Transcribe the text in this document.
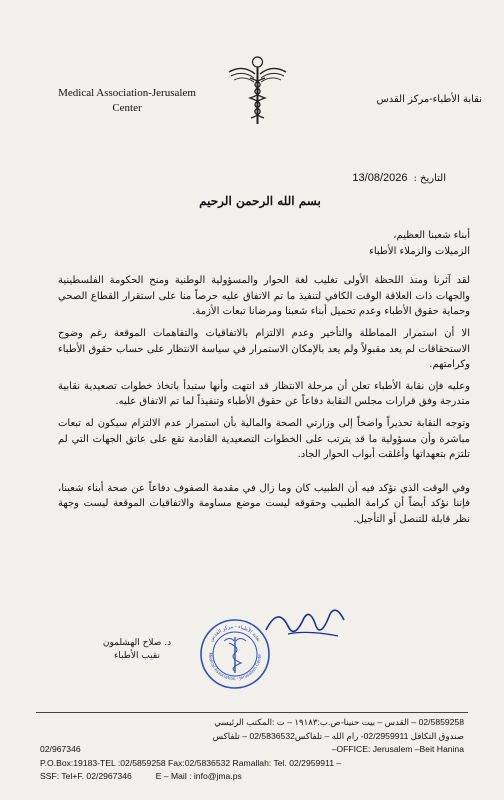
Medical Association-Jerusalem
Center
نقابة الأطباء-مركز القدس
التاريخ :13/08/2026
بسم الله الرحمن الرحيم

أبناء شعبنا العظيم،

الزميلات والزملاء الأطباء

لقد آثرنا ومنذ اللحظة الأولى تغليب لغة الحوار والمسؤولية الوطنية ومنح الحكومة الفلسطينية والجهات ذات العلاقة الوقت الكافي لتنفيذ ما تم الاتفاق عليه حرصاً منا على استقرار القطاع الصحي وحماية حقوق الأطباء وعدم تحميل أبناء شعبنا ومرضانا تبعات الأزمة.

الا أن استمرار المماطلة والتأخير وعدم الالتزام بالاتفاقيات والتفاهمات الموقعة رغم وضوح الاستحقاقات لم يعد مقبولاً ولم يعد بالإمكان الاستمرار في سياسة الانتظار على حساب حقوق الأطباء وكرامتهم.

وعليه فإن نقابة الأطباء تعلن أن مرحلة الانتظار قد انتهت وأنها ستبدأ باتخاذ خطوات تصعيدية نقابية متدرجة وفق قرارات مجلس النقابة دفاعاً عن حقوق الأطباء وتنفيذاً لما تم الاتفاق عليه.

وتوجه النقابة تحذيراً واضحاً إلى وزارتي الصحة والمالية بأن استمرار عدم الالتزام سيكون له تبعات مباشرة وأن مسؤولية ما قد يترتب على الخطوات التصعيدية القادمة تقع على عاتق الجهات التي لم تلتزم بتعهداتها وأغلقت أبواب الحوار الجاد.

وفي الوقت الذي نؤكد فيه أن الطبيب كان وما زال في مقدمة الصفوف دفاعاً عن صحة أبناء شعبنا، فإننا نؤكد أيضاً أن كرامة الطبيب وحقوقه ليست موضع مساومة والاتفاقيات الموقعة ليست وجهة نظر قابلة للتنصل أو التأجيل.

د. صلاح الهشلمون
نقيب الأطباء
نقابة الأطباء - مركز القدس
Medical Association - Jerusalem Cente
02/5859258 – القدس – بيت حنينا-ص.ب:١٩١٨٣ – ت :المكتب الرئيسي
صندوق التكافل 02/2959911- رام الله – تلفاكس02/5836532 – تلفاكس
02/967346	OFFICE: Jerusalem –Beit Hanina–
P.O.Box:19183-TEL :02/5859258 Fax:02/5836532 Ramallah: Tel. 02/2959911 –
SSF: Tel+F. 02/2967346          E – Mail : info@jma.ps
